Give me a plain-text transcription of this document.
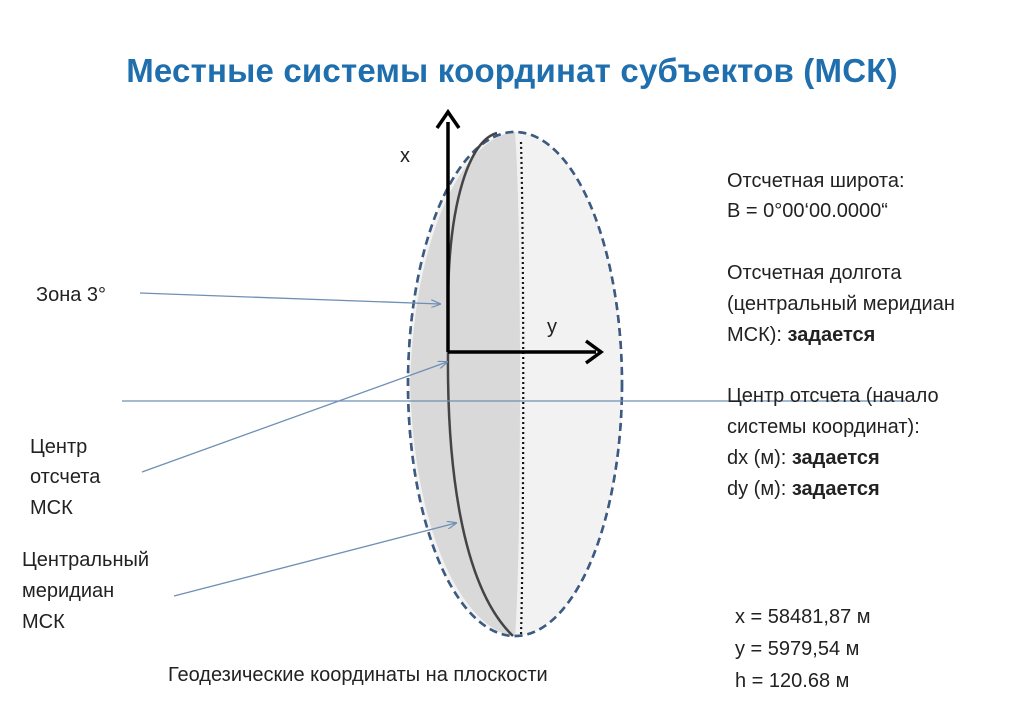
Местные системы координат субъектов (МСК)
x
y
Зона 3°
Центр
отсчета
МСК
Центральный
меридиан
МСК
Геодезические координаты на плоскости
Отсчетная широта:
B = 0°00‘00.0000“
Отсчетная долгота
(центральный меридиан
МСК): задается
Центр отсчета (начало
системы координат):
dx (м): задается
dy (м): задается
x = 58481,87 м
y = 5979,54 м
h = 120.68 м
